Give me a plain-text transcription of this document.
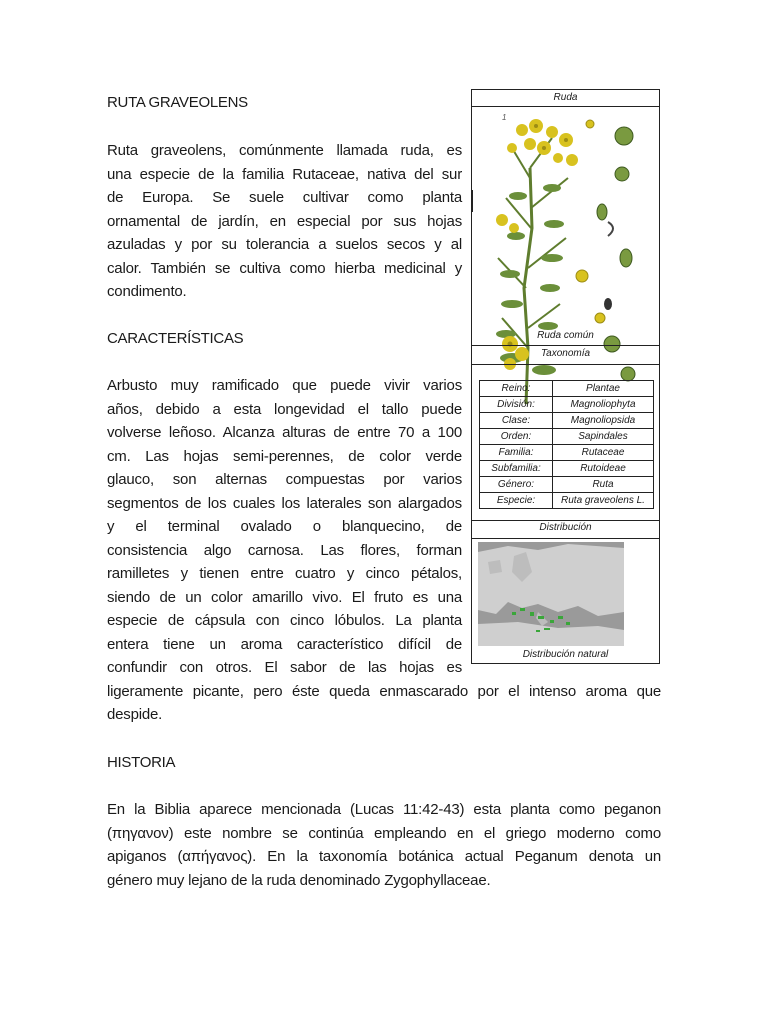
RUTA GRAVEOLENS
Ruta graveolens, comúnmente llamada ruda, es
una especie de la familia Rutaceae, nativa del sur
de Europa. Se suele cultivar como planta
ornamental de jardín, en especial por sus hojas
azuladas y por su tolerancia a suelos secos y al
calor. También se cultiva como hierba medicinal y
condimento.
CARACTERÍSTICAS
Arbusto muy ramificado que puede vivir varios
años, debido a esta longevidad el tallo puede
volverse leñoso. Alcanza alturas de entre 70 a 100
cm. Las hojas semi-perennes, de color verde
glauco, son alternas compuestas por varios
segmentos de los cuales los laterales son alargados
y el terminal ovalado o blanquecino, de
consistencia algo carnosa. Las flores, forman
ramilletes y tienen entre cuatro y cinco pétalos,
siendo de un color amarillo vivo. El fruto es una
especie de cápsula con cinco lóbulos. La planta
entera tiene un aroma característico difícil de
confundir con otros. El sabor de las hojas es
ligeramente picante, pero éste queda enmascarado por el intenso aroma que
despide.
HISTORIA
En la Biblia aparece mencionada (Lucas 11:42-43) esta planta como peganon
(πηγανον) este nombre se continúa empleando en el griego moderno como
apiganos (απήγανος). En la taxonomía botánica actual Peganum denota un
género muy lejano de la ruda denominado Zygophyllaceae.
Ruda
1
Ruda común
Taxonomía
Reino:	Plantae
División:	Magnoliophyta
Clase:	Magnoliopsida
Orden:	Sapindales
Familia:	Rutaceae
Subfamilia:	Rutoideae
Género:	Ruta
Especie:	Ruta graveolens L.
Distribución
Distribución natural
